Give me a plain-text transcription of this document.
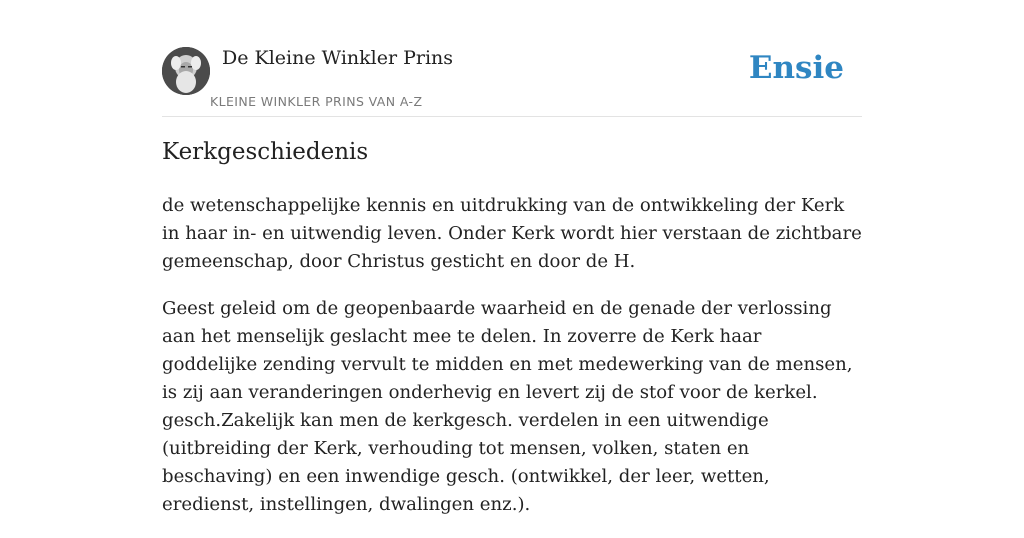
De Kleine Winkler Prins
KLEINE WINKLER PRINS VAN A-Z
Ensie
Kerkgeschiedenis

de wetenschappelijke kennis en uitdrukking van de ontwikkeling der Kerk in haar in- en uitwendig leven. Onder Kerk wordt hier verstaan de zichtbare gemeenschap, door Christus gesticht en door de H.

Geest geleid om de geopenbaarde waarheid en de genade der verlossing aan het menselijk geslacht mee te delen. In zoverre de Kerk haar goddelijke zending vervult te midden en met medewerking van de mensen, is zij aan veranderingen onderhevig en levert zij de stof voor de kerkel. gesch.Zakelijk kan men de kerkgesch. verdelen in een uitwendige (uitbreiding der Kerk, verhouding tot mensen, volken, staten en beschaving) en een inwendige gesch. (ontwikkel, der leer, wetten, eredienst, instellingen, dwalingen enz.).
